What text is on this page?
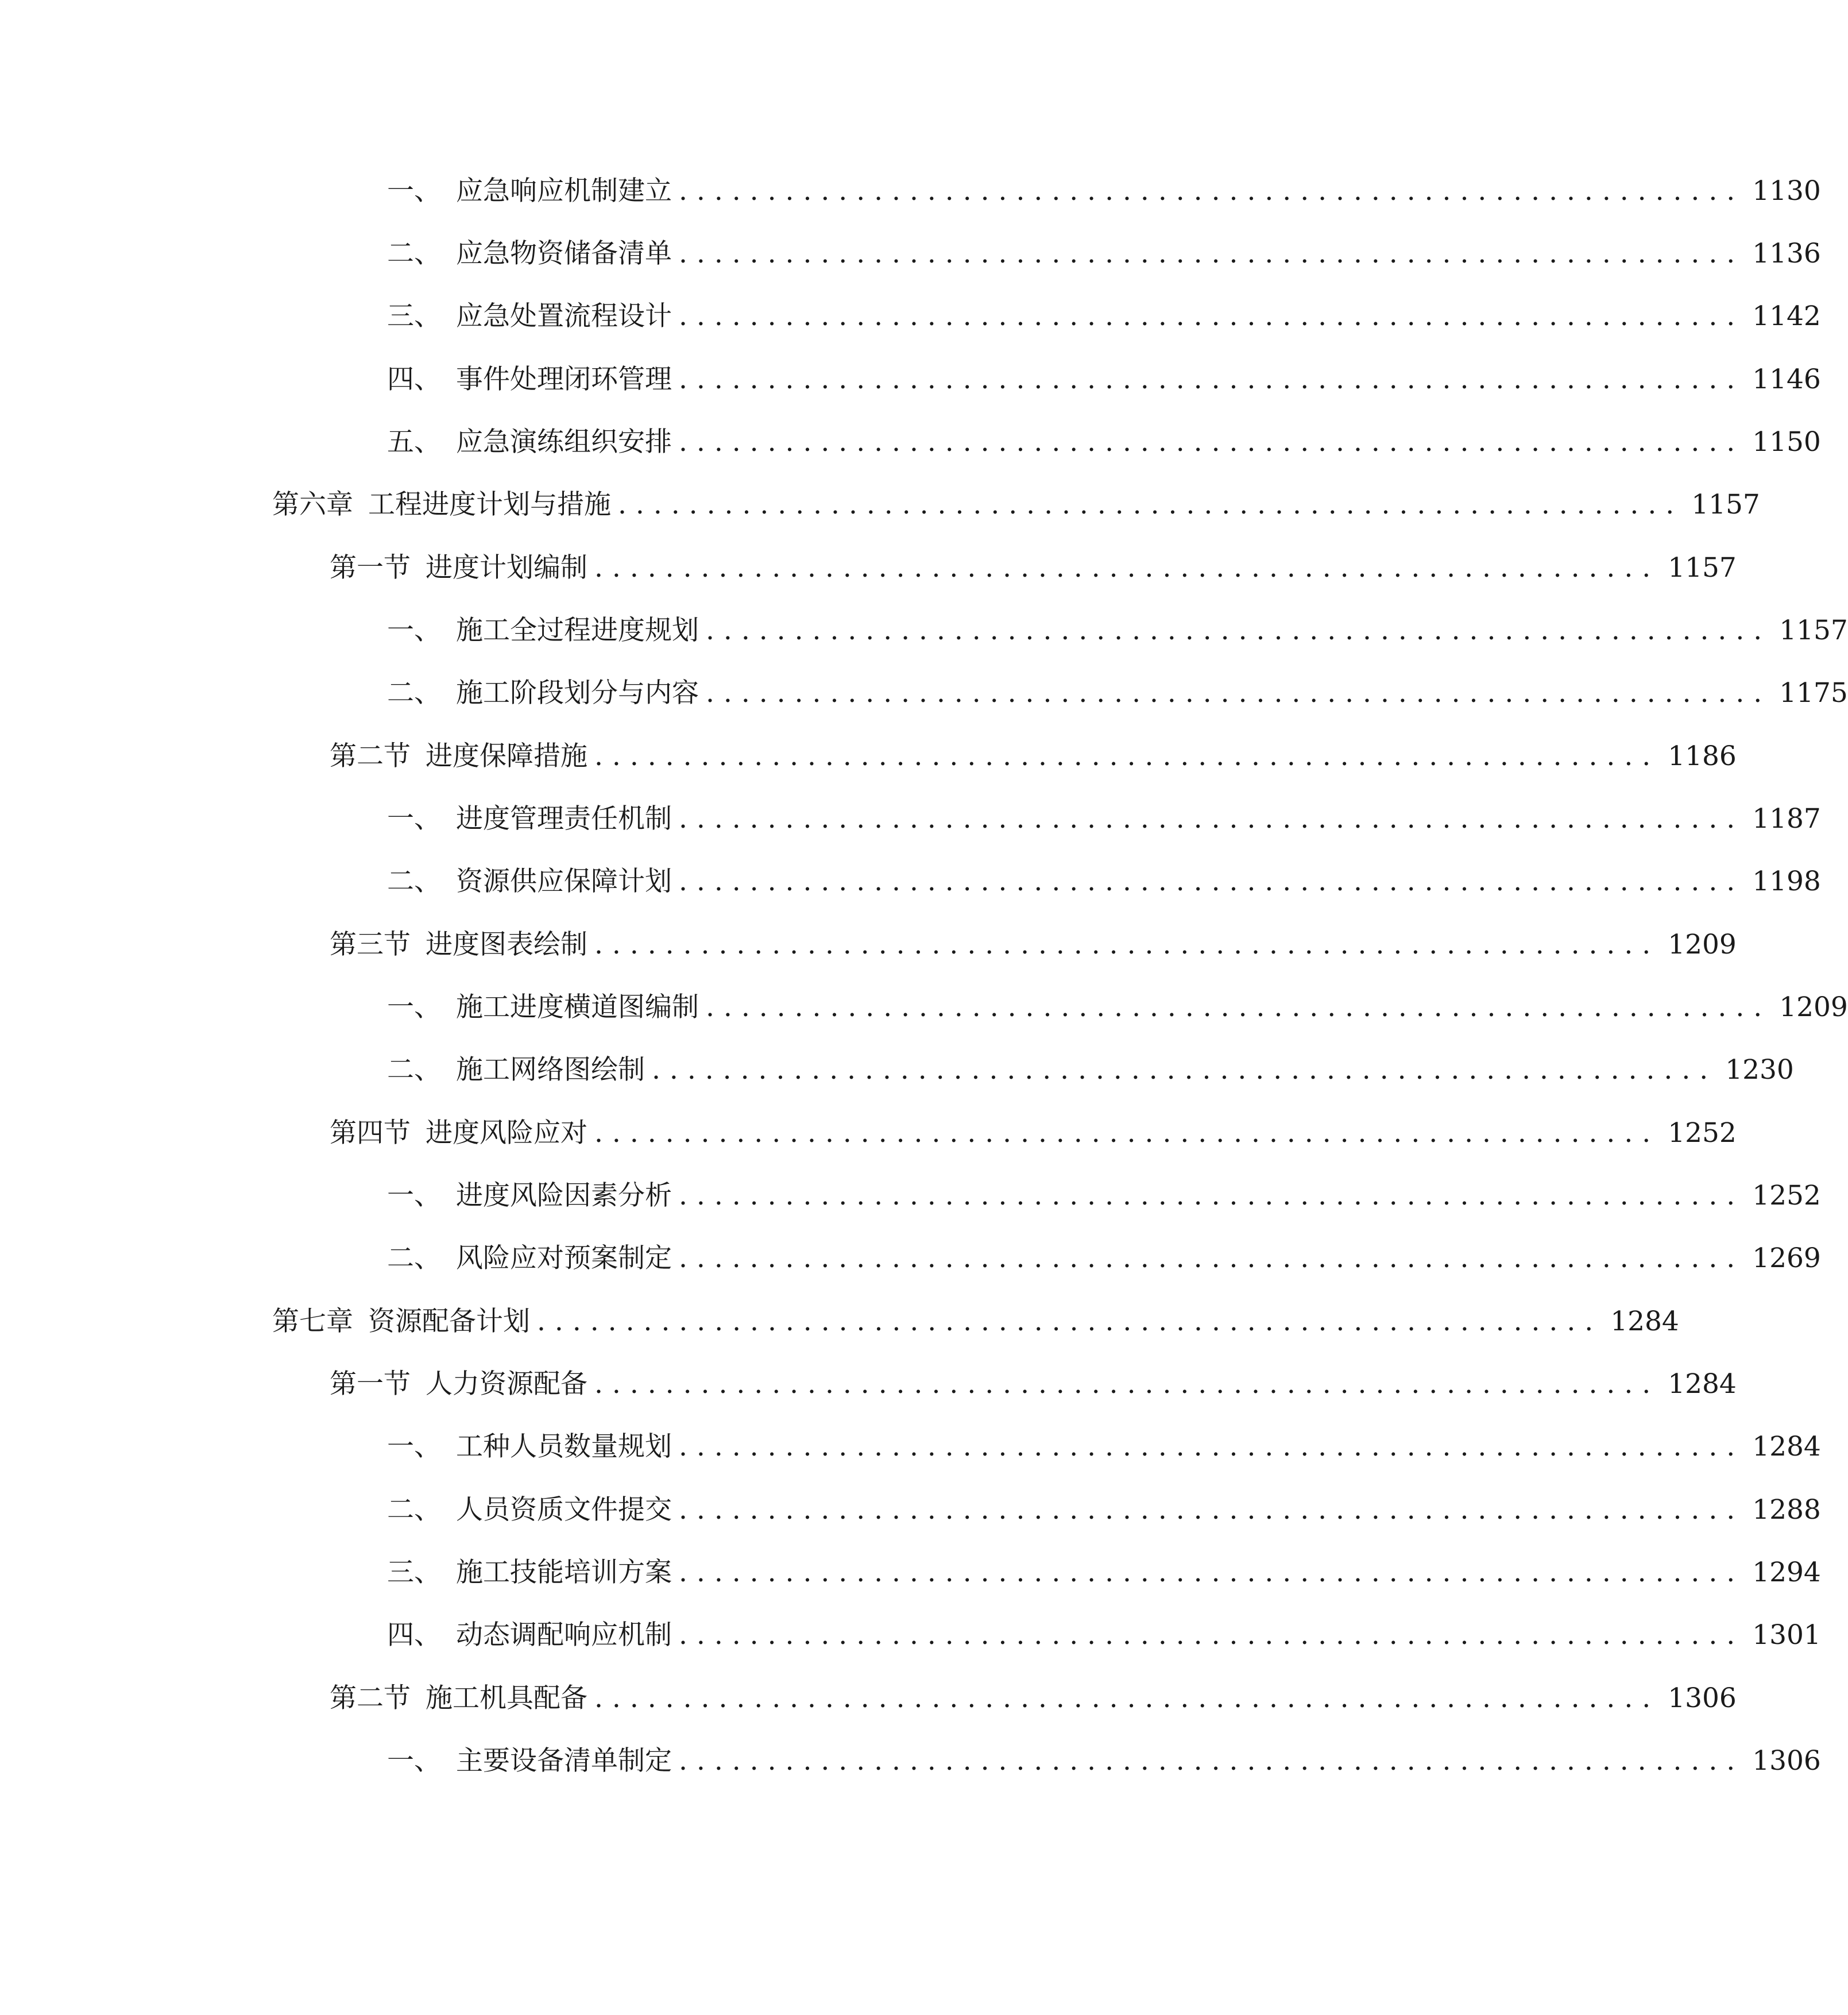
一、 应急响应机制建立 ............................................................ 1130
二、 应急物资储备清单 ............................................................ 1136
三、 应急处置流程设计 ............................................................ 1142
四、 事件处理闭环管理 ............................................................ 1146
五、 应急演练组织安排 ............................................................ 1150
第六章 工程进度计划与措施 ............................................................ 1157
第一节 进度计划编制 ............................................................ 1157
一、 施工全过程进度规划 ............................................................ 1157
二、 施工阶段划分与内容 ............................................................ 1175
第二节 进度保障措施 ............................................................ 1186
一、 进度管理责任机制 ............................................................ 1187
二、 资源供应保障计划 ............................................................ 1198
第三节 进度图表绘制 ............................................................ 1209
一、 施工进度横道图编制 ............................................................ 1209
二、 施工网络图绘制 ............................................................ 1230
第四节 进度风险应对 ............................................................ 1252
一、 进度风险因素分析 ............................................................ 1252
二、 风险应对预案制定 ............................................................ 1269
第七章 资源配备计划 ............................................................ 1284
第一节 人力资源配备 ............................................................ 1284
一、 工种人员数量规划 ............................................................ 1284
二、 人员资质文件提交 ............................................................ 1288
三、 施工技能培训方案 ............................................................ 1294
四、 动态调配响应机制 ............................................................ 1301
第二节 施工机具配备 ............................................................ 1306
一、 主要设备清单制定 ............................................................ 1306
